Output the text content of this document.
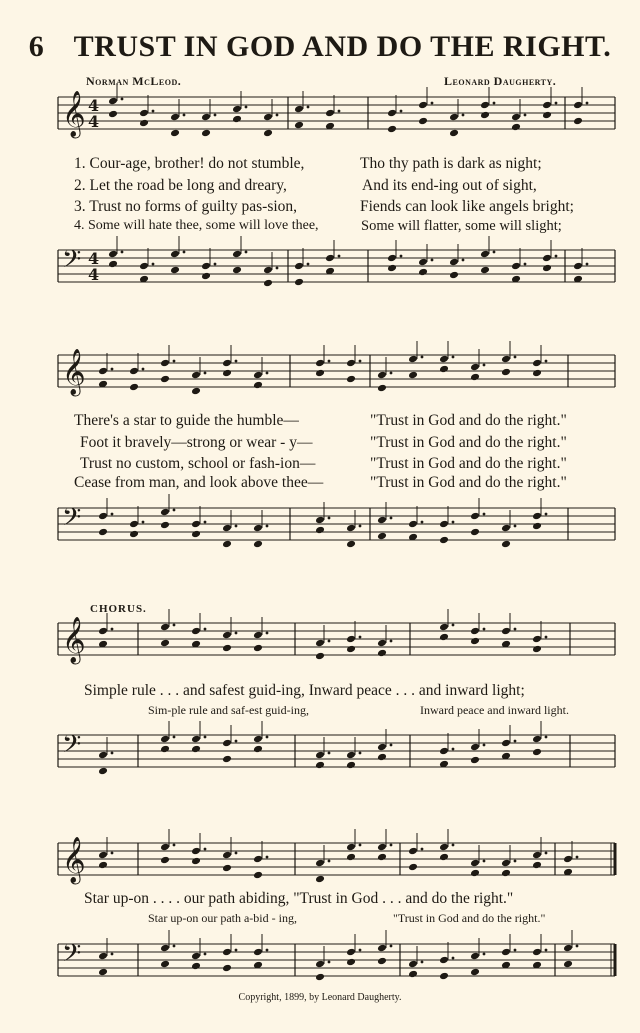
6 TRUST IN GOD AND DO THE RIGHT.
Norman McLeod.	Leonard Daugherty.
𝄞 4
4
𝄢 4
4
𝄞
𝄢
𝄞
𝄢
𝄞
𝄢
1. Cour-age, brother! do not stumble,	Tho thy path is dark as night;
2. Let the road be long and dreary,	And its end-ing out of sight,
3. Trust no forms of guilty pas-sion,	Fiends can look like angels bright;
4. Some will hate thee, some will love thee,	Some will flatter, some will slight;
There's a star to guide the humble—	"Trust in God and do the right."
Foot it bravely—strong or wear - y—	"Trust in God and do the right."
Trust no custom, school or fash-ion—	"Trust in God and do the right."
Cease from man, and look above thee—	"Trust in God and do the right."
CHORUS.
Simple rule . . . and safest guid-ing, Inward peace . . . and inward light;
Sim-ple rule and saf-est guid-ing,	Inward peace and inward light.
Star up-on . . . . our path abiding, "Trust in God . . . and do the right."
Star up-on our path a-bid - ing,	"Trust in God and do the right."
Copyright, 1899, by Leonard Daugherty.
